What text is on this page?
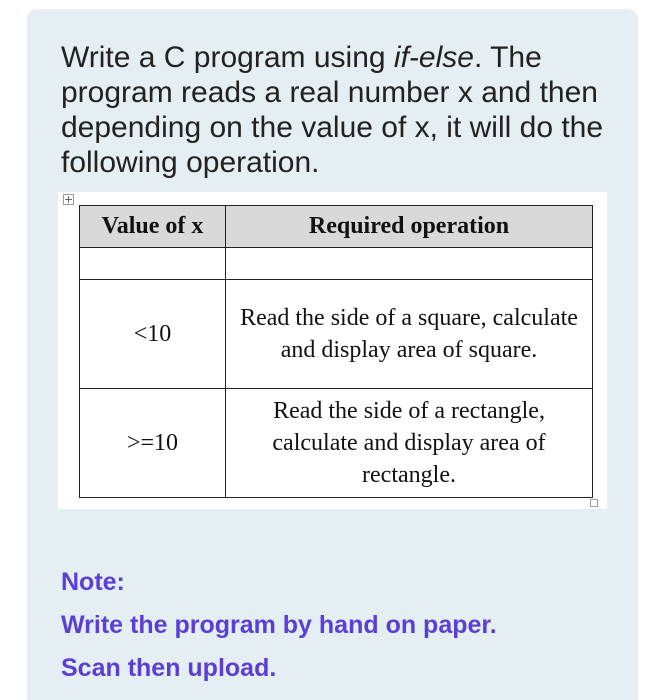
Write a C program using if-else. The program reads a real number x and then depending on the value of x, it will do the following operation.

Value of x	Required operation

<10	Read the side of a square, calculate and display area of square.
>=10	Read the side of a rectangle, calculate and display area of rectangle.
Note:
Write the program by hand on paper.
Scan then upload.
